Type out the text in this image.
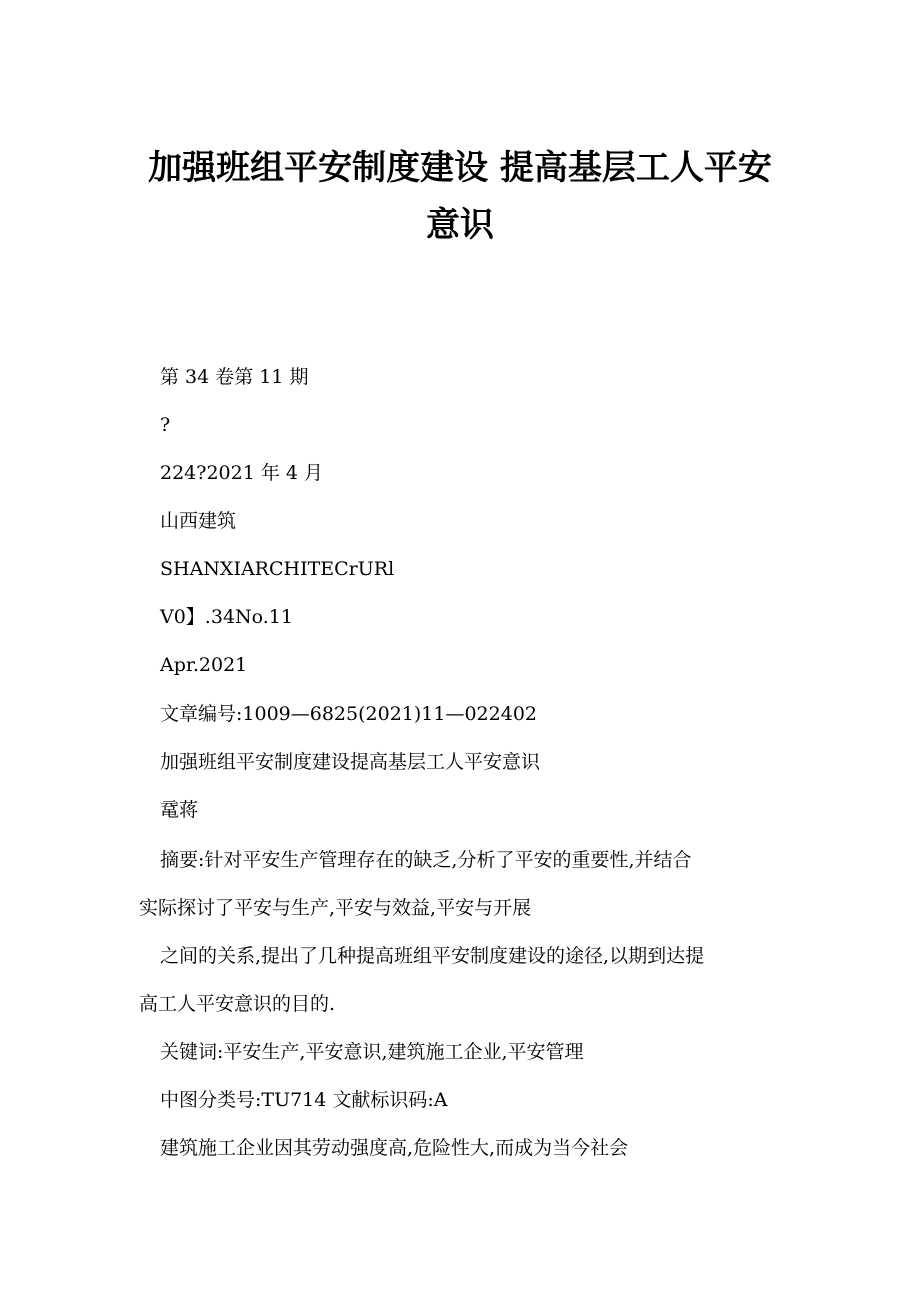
加强班组平安制度建设 提高基层工人平安
意识
第 34 卷第 11 期
?
224?2021 年 4 月
山西建筑
SHANXIARCHITECrURl
V0】.34No.11
Apr.2021
文章编号:1009—6825(2021)11—022402
加强班组平安制度建设提高基层工人平安意识
鼋蒋
摘要:针对平安生产管理存在的缺乏,分析了平安的重要性,并结合
实际探讨了平安与生产,平安与效益,平安与开展
之间的关系,提出了几种提高班组平安制度建设的途径,以期到达提
高工人平安意识的目的.
关键词:平安生产,平安意识,建筑施工企业,平安管理
中图分类号:TU714 文献标识码:A
建筑施工企业因其劳动强度高,危险性大,而成为当今社会
